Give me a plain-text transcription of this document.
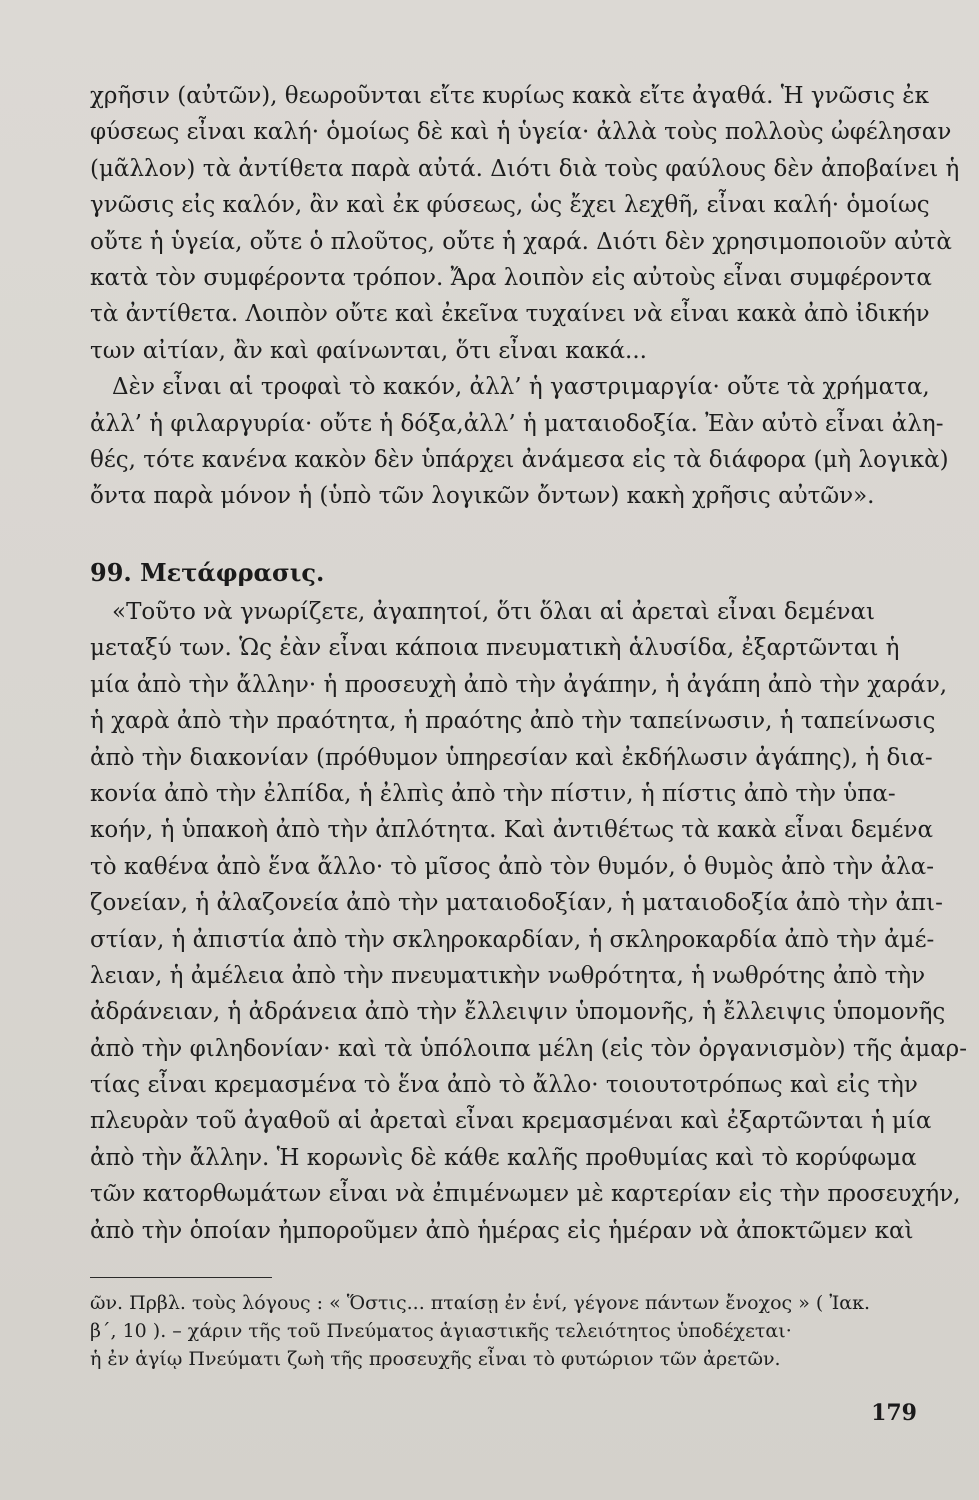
χρῆσιν (αὐτῶν), θεωροῦνται εἴτε κυρίως κακὰ εἴτε ἀγαθά. Ἡ γνῶσις ἐκ
φύσεως εἶναι καλή· ὁμοίως δὲ καὶ ἡ ὑγεία· ἀλλὰ τοὺς πολλοὺς ὠφέλησαν
(μᾶλλον) τὰ ἀντίθετα παρὰ αὐτά. Διότι διὰ τοὺς φαύλους δὲν ἀποβαίνει ἡ
γνῶσις εἰς καλόν, ἂν καὶ ἐκ φύσεως, ὡς ἔχει λεχθῆ, εἶναι καλή· ὁμοίως
οὔτε ἡ ὑγεία, οὔτε ὁ πλοῦτος, οὔτε ἡ χαρά. Διότι δὲν χρησιμοποιοῦν αὐτὰ
κατὰ τὸν συμφέροντα τρόπον. Ἄρα λοιπὸν εἰς αὐτοὺς εἶναι συμφέροντα
τὰ ἀντίθετα. Λοιπὸν οὔτε καὶ ἐκεῖνα τυχαίνει νὰ εἶναι κακὰ ἀπὸ ἰδικήν
των αἰτίαν, ἂν καὶ φαίνωνται, ὅτι εἶναι κακά...
Δὲν εἶναι αἱ τροφαὶ τὸ κακόν, ἀλλ’ ἡ γαστριμαργία· οὔτε τὰ χρήματα,
ἀλλ’ ἡ φιλαργυρία· οὔτε ἡ δόξα,ἀλλ’ ἡ ματαιοδοξία. Ἐὰν αὐτὸ εἶναι ἀλη-
θές, τότε κανένα κακὸν δὲν ὑπάρχει ἀνάμεσα εἰς τὰ διάφορα (μὴ λογικὰ)
ὄντα παρὰ μόνον ἡ (ὑπὸ τῶν λογικῶν ὄντων) κακὴ χρῆσις αὐτῶν».
99. Μετάφρασις.
«Τοῦτο νὰ γνωρίζετε, ἀγαπητοί, ὅτι ὅλαι αἱ ἀρεταὶ εἶναι δεμέναι
μεταξύ των. Ὡς ἐὰν εἶναι κάποια πνευματικὴ ἁλυσίδα, ἐξαρτῶνται ἡ
μία ἀπὸ τὴν ἄλλην· ἡ προσευχὴ ἀπὸ τὴν ἀγάπην, ἡ ἀγάπη ἀπὸ τὴν χαράν,
ἡ χαρὰ ἀπὸ τὴν πραότητα, ἡ πραότης ἀπὸ τὴν ταπείνωσιν, ἡ ταπείνωσις
ἀπὸ τὴν διακονίαν (πρόθυμον ὑπηρεσίαν καὶ ἐκδήλωσιν ἀγάπης), ἡ δια-
κονία ἀπὸ τὴν ἐλπίδα, ἡ ἐλπὶς ἀπὸ τὴν πίστιν, ἡ πίστις ἀπὸ τὴν ὑπα-
κοήν, ἡ ὑπακοὴ ἀπὸ τὴν ἀπλότητα. Καὶ ἀντιθέτως τὰ κακὰ εἶναι δεμένα
τὸ καθένα ἀπὸ ἕνα ἄλλο· τὸ μῖσος ἀπὸ τὸν θυμόν, ὁ θυμὸς ἀπὸ τὴν ἀλα-
ζονείαν, ἡ ἀλαζονεία ἀπὸ τὴν ματαιοδοξίαν, ἡ ματαιοδοξία ἀπὸ τὴν ἀπι-
στίαν, ἡ ἀπιστία ἀπὸ τὴν σκληροκαρδίαν, ἡ σκληροκαρδία ἀπὸ τὴν ἀμέ-
λειαν, ἡ ἀμέλεια ἀπὸ τὴν πνευματικὴν νωθρότητα, ἡ νωθρότης ἀπὸ τὴν
ἀδράνειαν, ἡ ἀδράνεια ἀπὸ τὴν ἔλλειψιν ὑπομονῆς, ἡ ἔλλειψις ὑπομονῆς
ἀπὸ τὴν φιληδονίαν· καὶ τὰ ὑπόλοιπα μέλη (εἰς τὸν ὀργανισμὸν) τῆς ἁμαρ-
τίας εἶναι κρεμασμένα τὸ ἕνα ἀπὸ τὸ ἄλλο· τοιουτοτρόπως καὶ εἰς τὴν
πλευρὰν τοῦ ἀγαθοῦ αἱ ἀρεταὶ εἶναι κρεμασμέναι καὶ ἐξαρτῶνται ἡ μία
ἀπὸ τὴν ἄλλην. Ἡ κορωνὶς δὲ κάθε καλῆς προθυμίας καὶ τὸ κορύφωμα
τῶν κατορθωμάτων εἶναι νὰ ἐπιμένωμεν μὲ καρτερίαν εἰς τὴν προσευχήν,
ἀπὸ τὴν ὁποίαν ἠμποροῦμεν ἀπὸ ἡμέρας εἰς ἡμέραν νὰ ἀποκτῶμεν καὶ
ῶν. Πρβλ. τοὺς λόγους : « Ὅστις... πταίσῃ ἐν ἑνί, γέγονε πάντων ἔνοχος » ( Ἰακ.
β΄, 10 ). – χάριν τῆς τοῦ Πνεύματος ἁγιαστικῆς τελειότητος ὑποδέχεται·
ἡ ἐν ἁγίῳ Πνεύματι ζωὴ τῆς προσευχῆς εἶναι τὸ φυτώριον τῶν ἀρετῶν.
179
